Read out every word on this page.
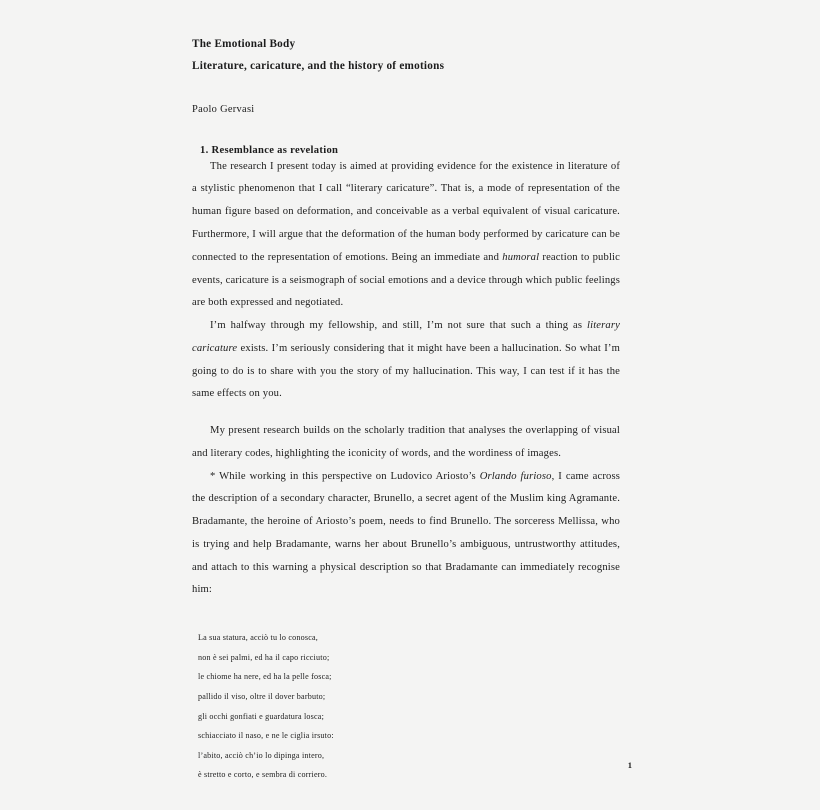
The Emotional Body
Literature, caricature, and the history of emotions
Paolo Gervasi
1. Resemblance as revelation

The research I present today is aimed at providing evidence for the existence in literature of a stylistic phenomenon that I call “literary caricature”. That is, a mode of representation of the human figure based on deformation, and conceivable as a verbal equivalent of visual caricature. Furthermore, I will argue that the deformation of the human body performed by caricature can be connected to the representation of emotions. Being an immediate and humoral reaction to public events, caricature is a seismograph of social emotions and a device through which public feelings are both expressed and negotiated.

I’m halfway through my fellowship, and still, I’m not sure that such a thing as literary caricature exists. I’m seriously considering that it might have been a hallucination. So what I’m going to do is to share with you the story of my hallucination. This way, I can test if it has the same effects on you.

My present research builds on the scholarly tradition that analyses the overlapping of visual and literary codes, highlighting the iconicity of words, and the wordiness of images.

* While working in this perspective on Ludovico Ariosto’s Orlando furioso, I came across the description of a secondary character, Brunello, a secret agent of the Muslim king Agramante. Bradamante, the heroine of Ariosto’s poem, needs to find Brunello. The sorceress Mellissa, who is trying and help Bradamante, warns her about Brunello’s ambiguous, untrustworthy attitudes, and attach to this warning a physical description so that Bradamante can immediately recognise him:

La sua statura, acciò tu lo conosca,
non è sei palmi, ed ha il capo ricciuto;
le chiome ha nere, ed ha la pelle fosca;
pallido il viso, oltre il dover barbuto;
gli occhi gonfiati e guardatura losca;
schiacciato il naso, e ne le ciglia irsuto:
l’abito, acciò ch’io lo dipinga intero,
è stretto e corto, e sembra di corriero.
1
